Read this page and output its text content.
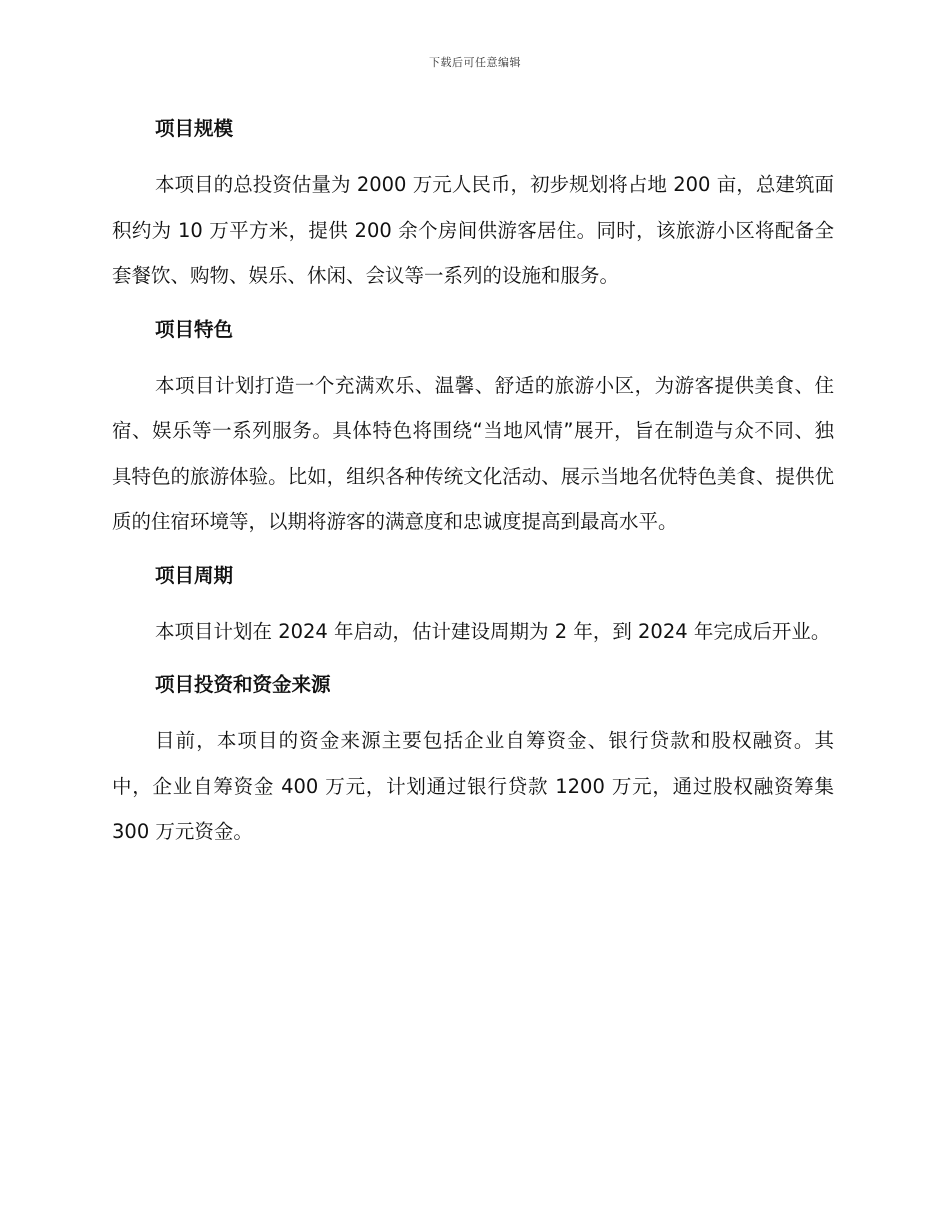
下载后可任意编辑
项目规模

本项目的总投资估量为 2000 万元人民币，初步规划将占地 200 亩，总建筑面积约为 10 万平方米，提供 200 余个房间供游客居住。同时，该旅游小区将配备全套餐饮、购物、娱乐、休闲、会议等一系列的设施和服务。

项目特色

本项目计划打造一个充满欢乐、温馨、舒适的旅游小区，为游客提供美食、住宿、娱乐等一系列服务。具体特色将围绕“当地风情”展开，旨在制造与众不同、独具特色的旅游体验。比如，组织各种传统文化活动、展示当地名优特色美食、提供优质的住宿环境等，以期将游客的满意度和忠诚度提高到最高水平。

项目周期

本项目计划在 2024 年启动，估计建设周期为 2 年，到 2024 年完成后开业。

项目投资和资金来源

目前，本项目的资金来源主要包括企业自筹资金、银行贷款和股权融资。其中，企业自筹资金 400 万元，计划通过银行贷款 1200 万元，通过股权融资筹集 300 万元资金。
